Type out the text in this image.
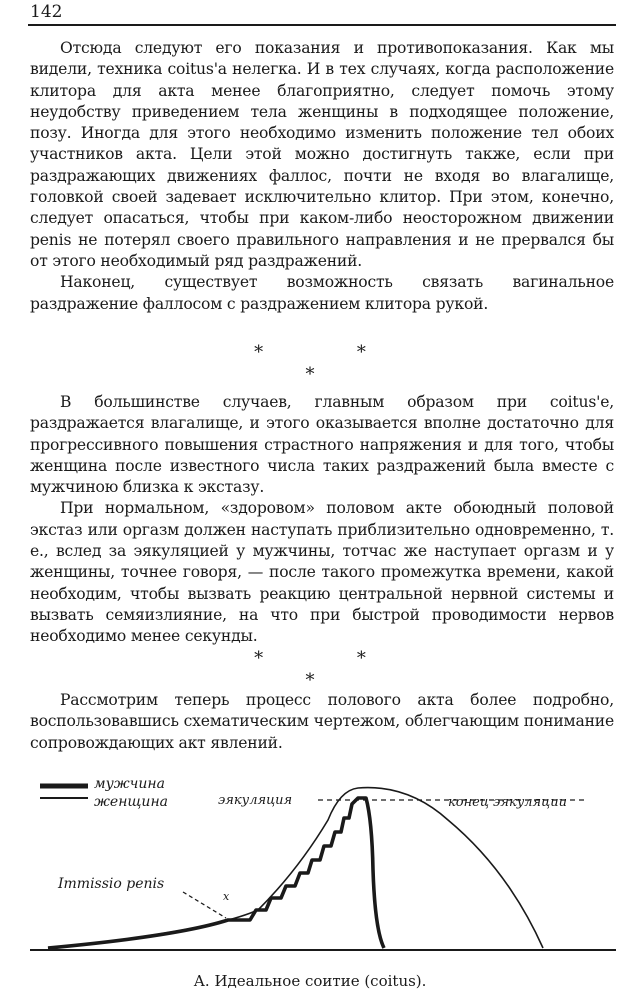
142

Отсюда следуют его показания и противопоказания. Как мы видели, техника coitus'a нелегка. И в тех случаях, когда расположение клитора для акта менее благоприятно, следует помочь этому неудобству приведением тела женщины в подходящее положение, позу. Иногда для этого необходимо изменить положение тел обоих участников акта. Цели этой можно достигнуть также, если при раздражающих движениях фаллос, почти не входя во влагалище, головкой своей задевает исключительно клитор. При этом, конечно, следует опасаться, чтобы при каком-либо неосторожном движении penis не потерял своего правильного направления и не прервался бы от этого необходимый ряд раздражений.

Наконец, существует возможность связать вагинальное раздражение фаллосом с раздражением клитора рукой.

* *
*

В большинстве случаев, главным образом при coitus'e, раздражается влагалище, и этого оказывается вполне достаточно для прогрессивного повышения страстного напряжения и для того, чтобы женщина после известного числа таких раздражений была вместе с мужчиною близка к экстазу.

При нормальном, «здоровом» половом акте обоюдный половой экстаз или оргазм должен наступать приблизительно одновременно, т. е., вслед за эякуляцией у мужчины, тотчас же наступает оргазм и у женщины, точнее говоря, — после такого промежутка времени, какой необходим, чтобы вызвать реакцию центральной нервной системы и вызвать семяизлияние, на что при быстрой проводимости нервов необходимо менее секунды.

* *
*

Рассмотрим теперь процесс полового акта более подробно, воспользовавшись схематическим чертежом, облегчающим понимание сопровождающих акт явлений.

мужчина
женщина	эякуляция	конец эякуляции
Immissio penis
x
А. Идеальное соитие (coitus).
